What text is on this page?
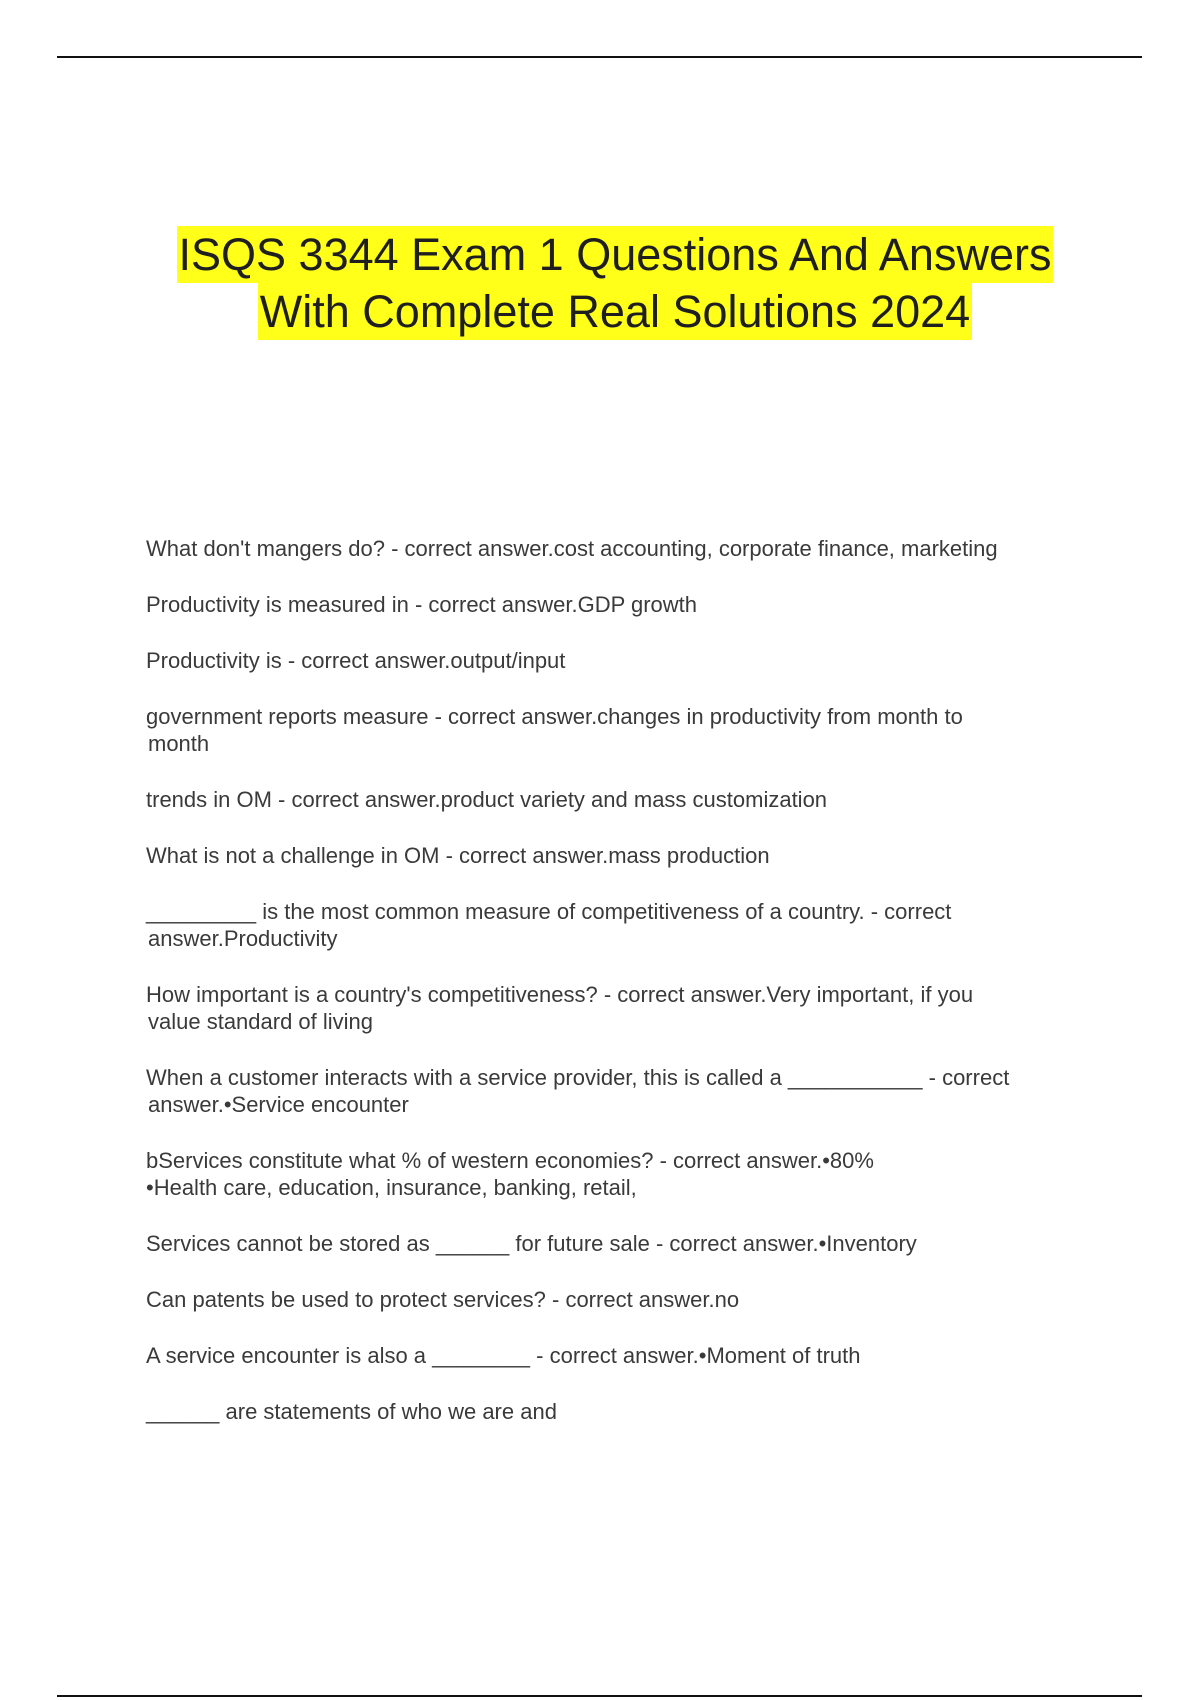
ISQS 3344 Exam 1 Questions And Answers
With Complete Real Solutions 2024
What don't mangers do? - correct answer.cost accounting, corporate finance, marketing
Productivity is measured in - correct answer.GDP growth
Productivity is - correct answer.output/input
government reports measure - correct answer.changes in productivity from month to
month
trends in OM - correct answer.product variety and mass customization
What is not a challenge in OM - correct answer.mass production
_________ is the most common measure of competitiveness of a country. - correct
answer.Productivity
How important is a country's competitiveness? - correct answer.Very important, if you
value standard of living
When a customer interacts with a service provider, this is called a ___________ - correct
answer.•Service encounter
bServices constitute what % of western economies? - correct answer.•80%
•Health care, education, insurance, banking, retail,
Services cannot be stored as ______ for future sale - correct answer.•Inventory
Can patents be used to protect services? - correct answer.no
A service encounter is also a ________ - correct answer.•Moment of truth
______ are statements of who we are and
